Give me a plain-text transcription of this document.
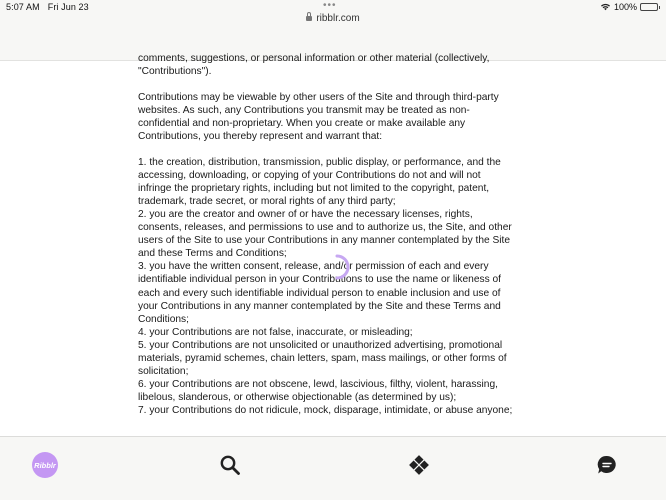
5:07 AM Fri Jun 23	•••
ribblr.com
100%

comments, suggestions, or personal information or other material (collectively, "Contributions").

Contributions may be viewable by other users of the Site and through third-party websites. As such, any Contributions you transmit may be treated as non-confidential and non-proprietary. When you create or make available any Contributions, you thereby represent and warrant that:

1. the creation, distribution, transmission, public display, or performance, and the accessing, downloading, or copying of your Contributions do not and will not infringe the proprietary rights, including but not limited to the copyright, patent, trademark, trade secret, or moral rights of any third party;
2. you are the creator and owner of or have the necessary licenses, rights, consents, releases, and permissions to use and to authorize us, the Site, and other users of the Site to use your Contributions in any manner contemplated by the Site and these Terms and Conditions;
3. you have the written consent, release, and/or permission of each and every identifiable individual person in your Contributions to use the name or likeness of each and every such identifiable individual person to enable inclusion and use of your Contributions in any manner contemplated by the Site and these Terms and Conditions;
4. your Contributions are not false, inaccurate, or misleading;
5. your Contributions are not unsolicited or unauthorized advertising, promotional materials, pyramid schemes, chain letters, spam, mass mailings, or other forms of solicitation;
6. your Contributions are not obscene, lewd, lascivious, filthy, violent, harassing, libelous, slanderous, or otherwise objectionable (as determined by us);
7. your Contributions do not ridicule, mock, disparage, intimidate, or abuse anyone;
Ribblr
